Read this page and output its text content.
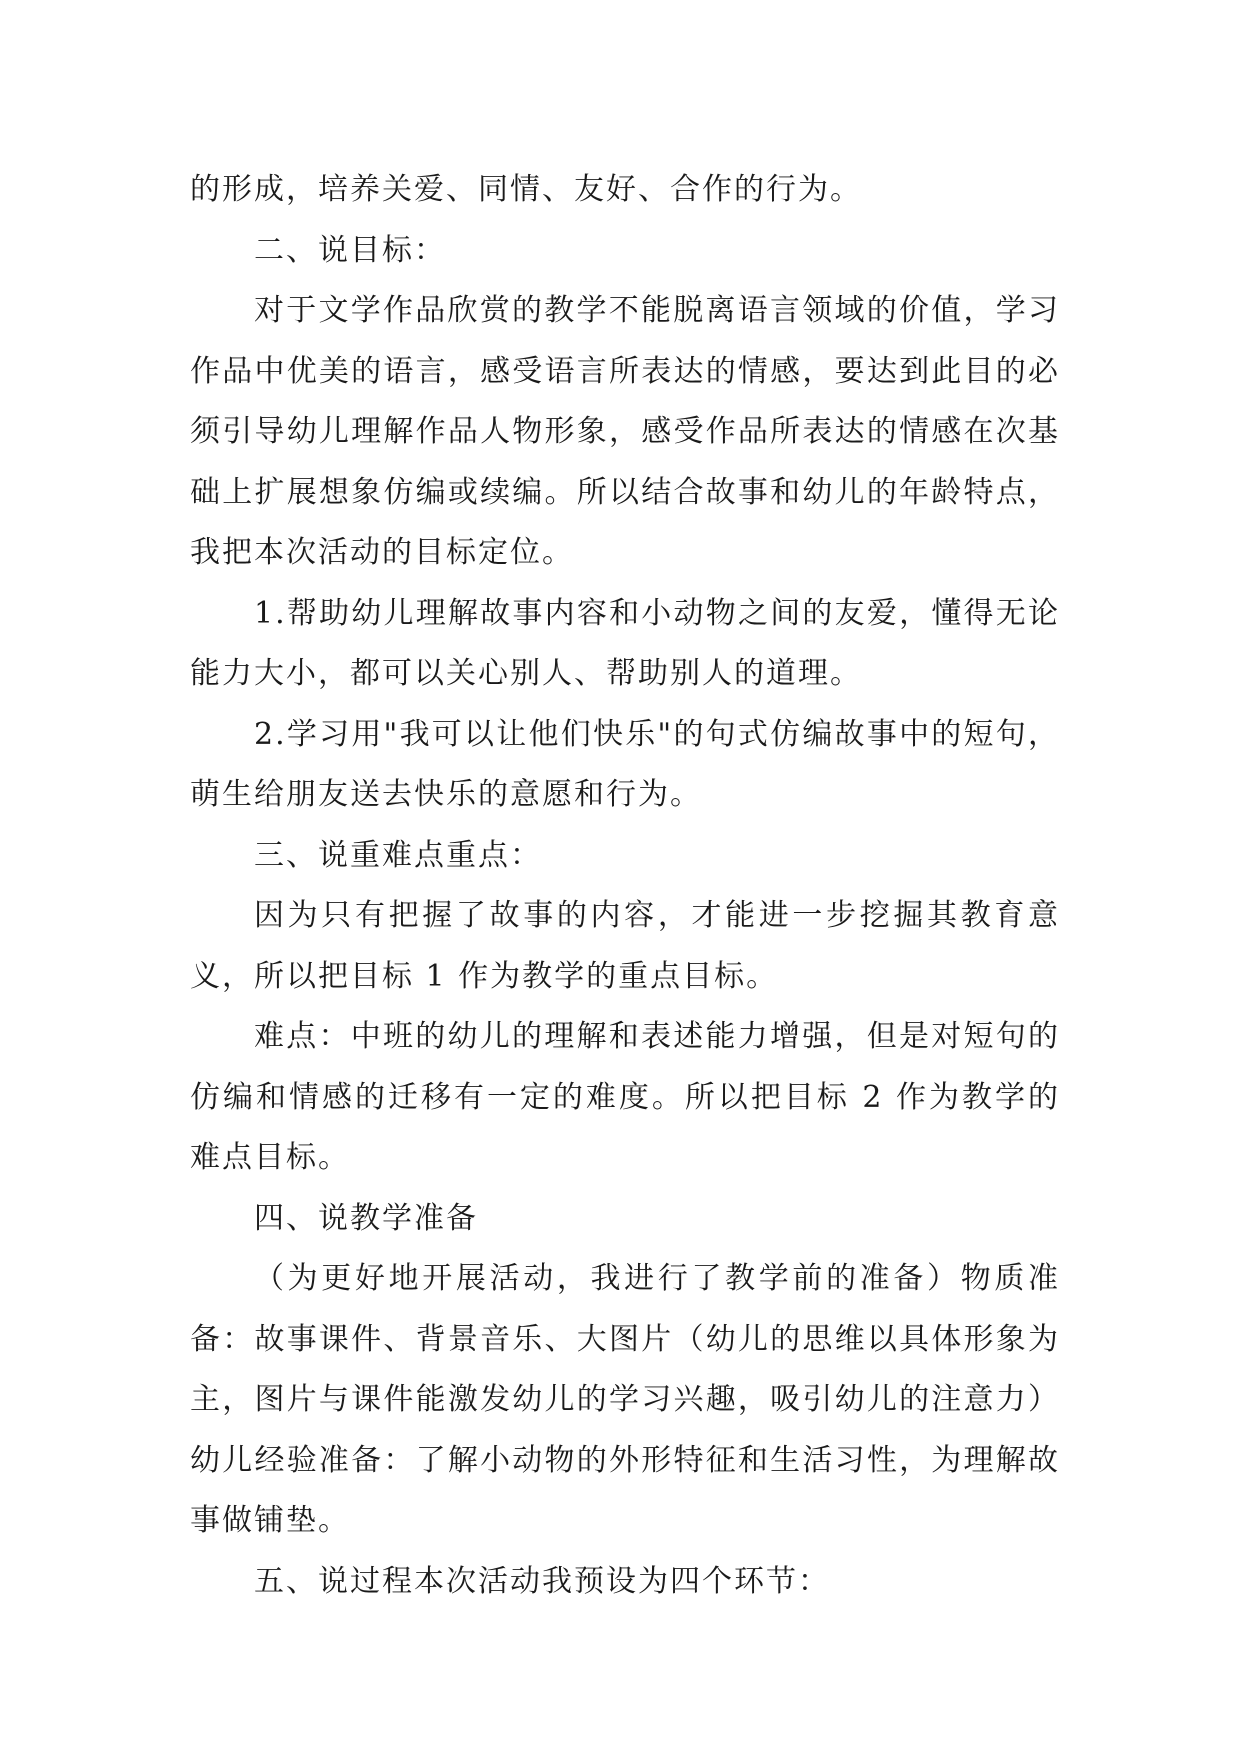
的形成，培养关爱、同情、友好、合作的行为。

二、说目标：

对于文学作品欣赏的教学不能脱离语言领域的价值，学习作品中优美的语言，感受语言所表达的情感，要达到此目的必须引导幼儿理解作品人物形象，感受作品所表达的情感在次基础上扩展想象仿编或续编。所以结合故事和幼儿的年龄特点，我把本次活动的目标定位。

1.帮助幼儿理解故事内容和小动物之间的友爱，懂得无论能力大小，都可以关心别人、帮助别人的道理。

2.学习用"我可以让他们快乐"的句式仿编故事中的短句，萌生给朋友送去快乐的意愿和行为。

三、说重难点重点：

因为只有把握了故事的内容，才能进一步挖掘其教育意义，所以把目标 1 作为教学的重点目标。

难点：中班的幼儿的理解和表述能力增强，但是对短句的仿编和情感的迁移有一定的难度。所以把目标 2 作为教学的难点目标。

四、说教学准备

（为更好地开展活动，我进行了教学前的准备）物质准备：故事课件、背景音乐、大图片（幼儿的思维以具体形象为主，图片与课件能激发幼儿的学习兴趣，吸引幼儿的注意力）幼儿经验准备：了解小动物的外形特征和生活习性，为理解故事做铺垫。

五、说过程本次活动我预设为四个环节：
